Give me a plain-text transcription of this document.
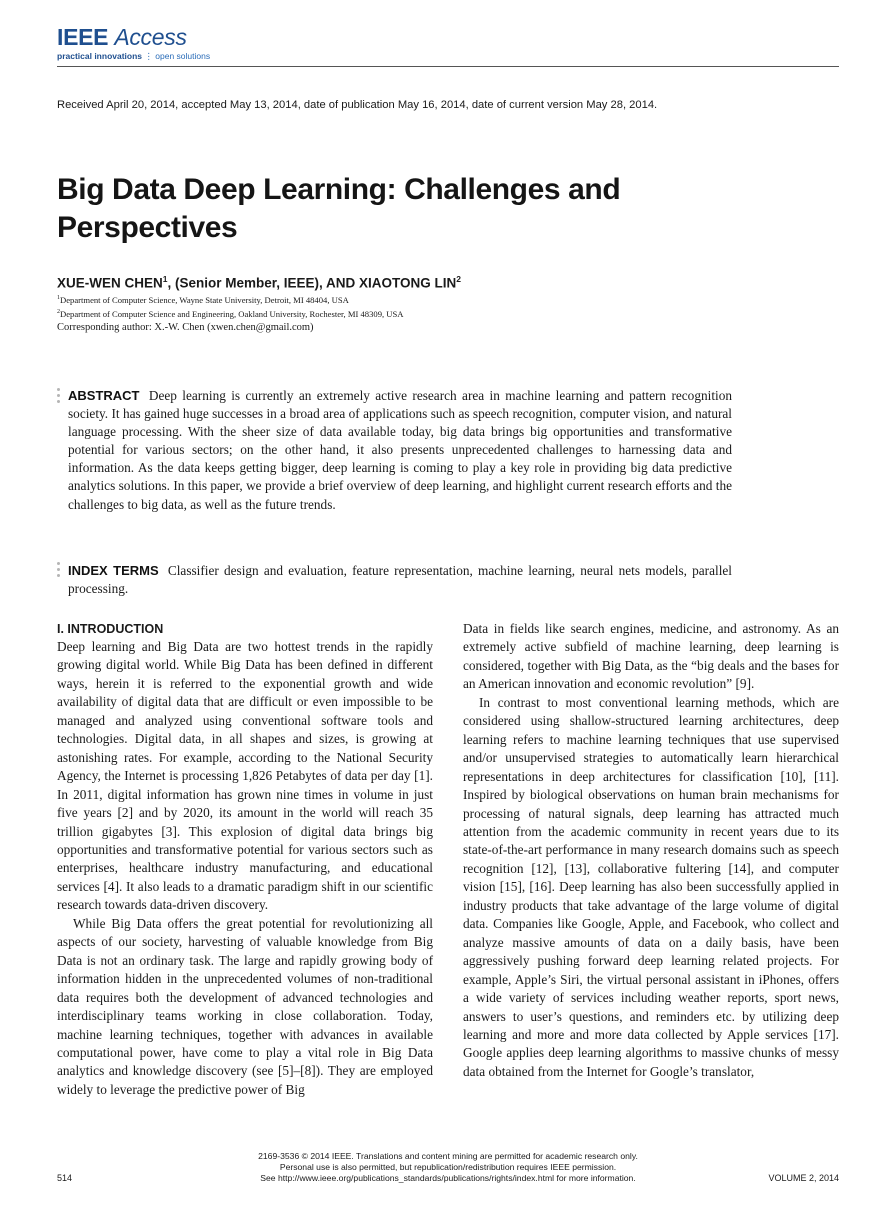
IEEE Access
practical innovations ⋮ open solutions
Received April 20, 2014, accepted May 13, 2014, date of publication May 16, 2014, date of current version May 28, 2014.
Big Data Deep Learning: Challenges and Perspectives
XUE-WEN CHEN$^1$, (Senior Member, IEEE), AND XIAOTONG LIN$^2$
$^1$Department of Computer Science, Wayne State University, Detroit, MI 48404, USA
$^2$Department of Computer Science and Engineering, Oakland University, Rochester, MI 48309, USA
Corresponding author: X.-W. Chen (xwen.chen@gmail.com)
ABSTRACT Deep learning is currently an extremely active research area in machine learning and pattern recognition society. It has gained huge successes in a broad area of applications such as speech recognition, computer vision, and natural language processing. With the sheer size of data available today, big data brings big opportunities and transformative potential for various sectors; on the other hand, it also presents unprecedented challenges to harnessing data and information. As the data keeps getting bigger, deep learning is coming to play a key role in providing big data predictive analytics solutions. In this paper, we provide a brief overview of deep learning, and highlight current research efforts and the challenges to big data, as well as the future trends.
INDEX TERMS Classifier design and evaluation, feature representation, machine learning, neural nets models, parallel processing.
I. INTRODUCTION

Deep learning and Big Data are two hottest trends in the rapidly growing digital world. While Big Data has been defined in different ways, herein it is referred to the exponential growth and wide availability of digital data that are difficult or even impossible to be managed and analyzed using conventional software tools and technologies. Digital data, in all shapes and sizes, is growing at astonishing rates. For example, according to the National Security Agency, the Internet is processing 1,826 Petabytes of data per day [1]. In 2011, digital information has grown nine times in volume in just five years [2] and by 2020, its amount in the world will reach 35 trillion gigabytes [3]. This explosion of digital data brings big opportunities and transformative potential for various sectors such as enterprises, healthcare industry manufacturing, and educational services [4]. It also leads to a dramatic paradigm shift in our scientific research towards data-driven discovery.

While Big Data offers the great potential for revolutionizing all aspects of our society, harvesting of valuable knowledge from Big Data is not an ordinary task. The large and rapidly growing body of information hidden in the unprecedented volumes of non-traditional data requires both the development of advanced technologies and interdisciplinary teams working in close collaboration. Today, machine learning techniques, together with advances in available computational power, have come to play a vital role in Big Data analytics and knowledge discovery (see [5]–[8]). They are employed widely to leverage the predictive power of Big

Data in fields like search engines, medicine, and astronomy. As an extremely active subfield of machine learning, deep learning is considered, together with Big Data, as the “big deals and the bases for an American innovation and economic revolution” [9].

In contrast to most conventional learning methods, which are considered using shallow-structured learning architectures, deep learning refers to machine learning techniques that use supervised and/or unsupervised strategies to automatically learn hierarchical representations in deep architectures for classification [10], [11]. Inspired by biological observations on human brain mechanisms for processing of natural signals, deep learning has attracted much attention from the academic community in recent years due to its state-of-the-art performance in many research domains such as speech recognition [12], [13], collaborative fultering [14], and computer vision [15], [16]. Deep learning has also been successfully applied in industry products that take advantage of the large volume of digital data. Companies like Google, Apple, and Facebook, who collect and analyze massive amounts of data on a daily basis, have been aggressively pushing forward deep learning related projects. For example, Apple’s Siri, the virtual personal assistant in iPhones, offers a wide variety of services including weather reports, sport news, answers to user’s questions, and reminders etc. by utilizing deep learning and more and more data collected by Apple services [17]. Google applies deep learning algorithms to massive chunks of messy data obtained from the Internet for Google’s translator,

2169-3536 © 2014 IEEE. Translations and content mining are permitted for academic research only.
Personal use is also permitted, but republication/redistribution requires IEEE permission.
See http://www.ieee.org/publications_standards/publications/rights/index.html for more information.
514	VOLUME 2, 2014
